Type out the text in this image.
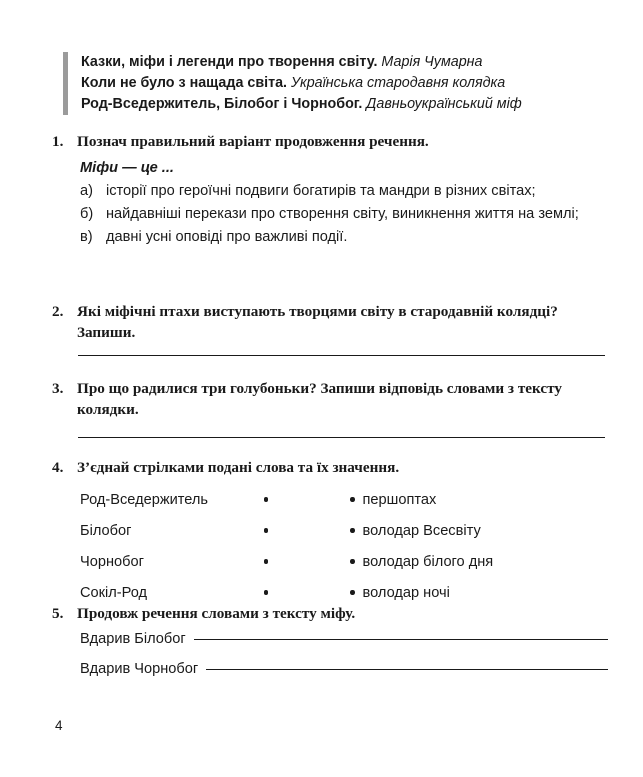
Казки, міфи і легенди про творення світу. Марія Чумарна
Коли не було з нащада світа. Українська стародавня колядка
Род-Вседержитель, Білобог і Чорнобог. Давньоукраїнський міф
1. Познач правильний варіант продовження речення.
Міфи — це ...
а) історії про героїчні подвиги богатирів та мандри в різних світах;
б) найдавніші перекази про створення світу, виникнення життя на землі;
в) давні усні оповіді про важливі події.
2. Які міфічні птахи виступають творцями світу в стародавній колядці? Запиши.
3. Про що радилися три голубоньки? Запиши відповідь словами з тексту колядки.
4. З’єднай стрілками подані слова та їх значення.
Род-Вседержитель	першоптах
Білобог	володар Всесвіту
Чорнобог	володар білого дня
Сокіл-Род	володар ночі
5. Продовж речення словами з тексту міфу.
Вдарив Білобог
Вдарив Чорнобог
4
